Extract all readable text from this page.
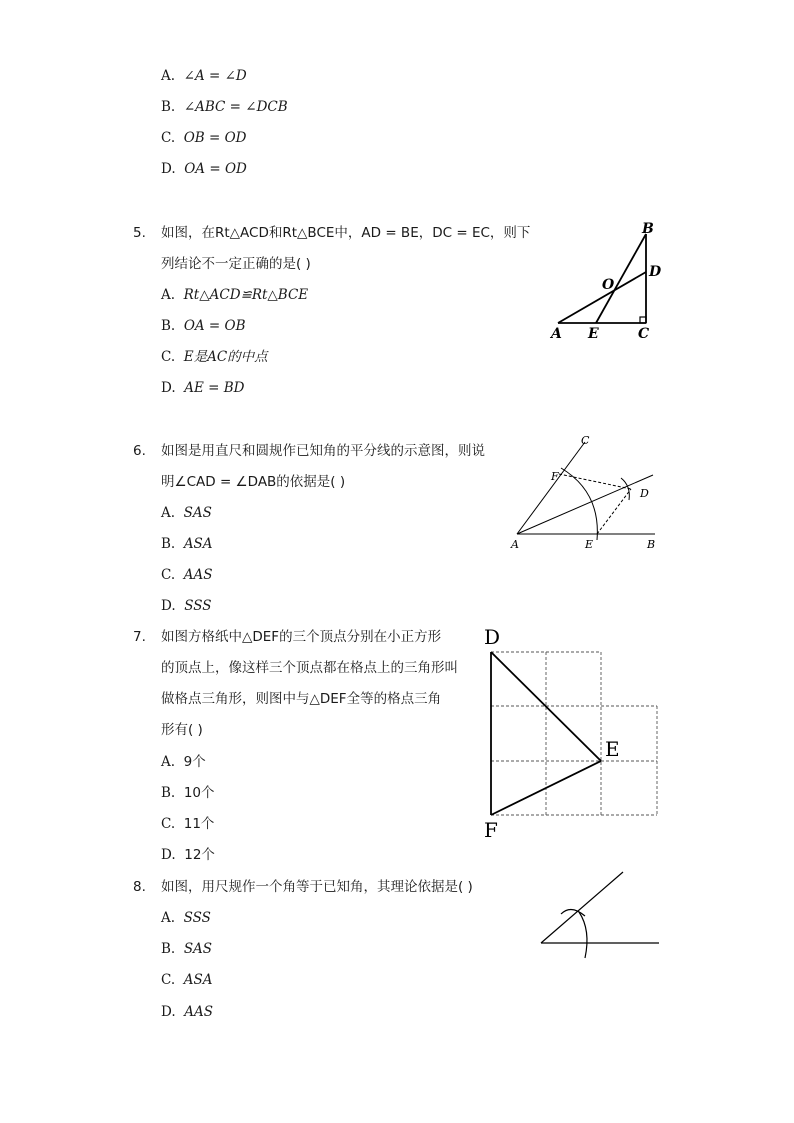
A. ∠A = ∠D
B. ∠ABC = ∠DCB
C. OB = OD
D. OA = OD
5. 如图，在Rt△ACD和Rt△BCE中，AD = BE，DC = EC，则下
列结论不一定正确的是( )
A. Rt△ACD≌Rt△BCE
B. OA = OB
C. E是AC的中点
D. AE = BD
B
D
O
A E	C
6. 如图是用直尺和圆规作已知角的平分线的示意图，则说
明∠CAD = ∠DAB的依据是( )
A. SAS
B. ASA
C. AAS
D. SSS
C
F
D
A	E	B
7. 如图方格纸中△DEF的三个顶点分别在小正方形
的顶点上，像这样三个顶点都在格点上的三角形叫
做格点三角形，则图中与△DEF全等的格点三角
形有( )
A. 9个
B. 10个
C. 11个
D. 12个
D
E
F
8. 如图，用尺规作一个角等于已知角，其理论依据是( )
A. SSS
B. SAS
C. ASA
D. AAS
